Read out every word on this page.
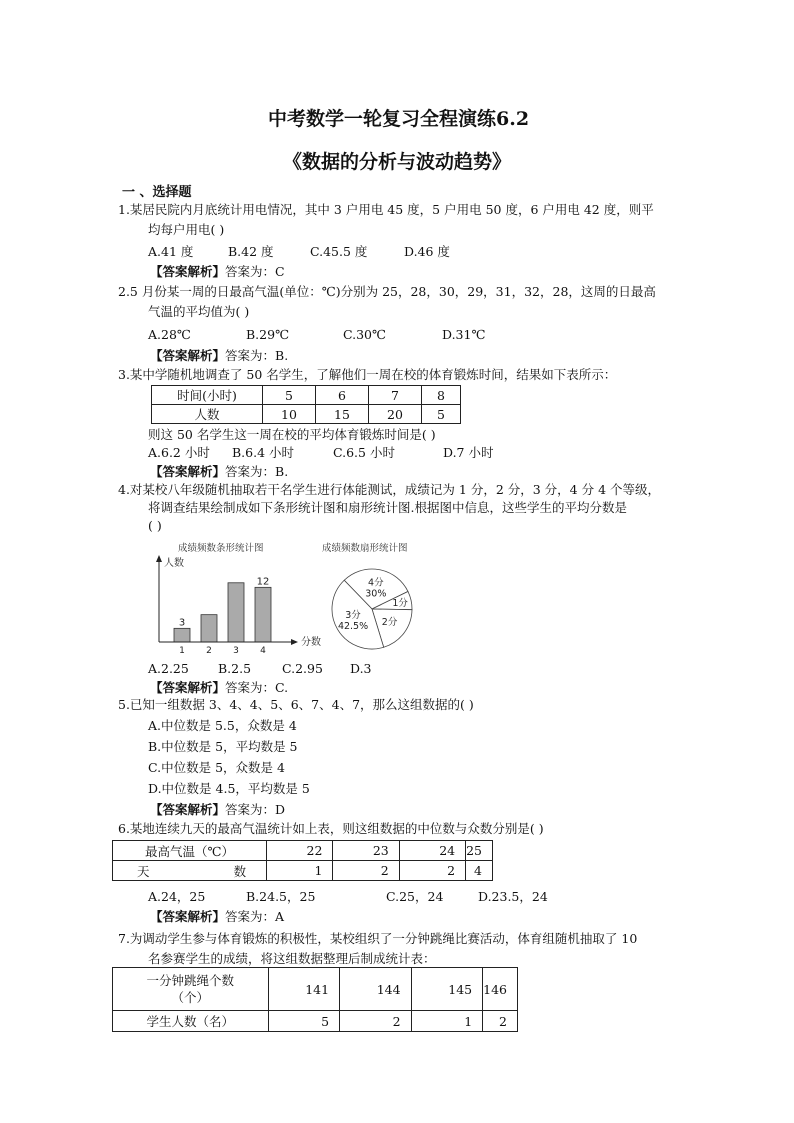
中考数学一轮复习全程演练6.2
《数据的分析与波动趋势》
一 、选择题
1.某居民院内月底统计用电情况，其中 3 户用电 45 度，5 户用电 50 度，6 户用电 42 度，则平
均每户用电( )
A.41 度	B.42 度	C.45.5 度	D.46 度
【答案解析】答案为：C
2.5 月份某一周的日最高气温(单位：℃)分别为 25，28，30，29，31，32，28，这周的日最高
气温的平均值为( )
A.28℃	B.29℃	C.30℃	D.31℃
【答案解析】答案为：B.
3.某中学随机地调查了 50 名学生，了解他们一周在校的体育锻炼时间，结果如下表所示：
时间(小时)	5	6	7	8
人数	10	15	20	5
则这 50 名学生这一周在校的平均体育锻炼时间是( )
A.6.2 小时 B.6.4 小时	C.6.5 小时	D.7 小时
【答案解析】答案为：B.
4.对某校八年级随机抽取若干名学生进行体能测试，成绩记为 1 分，2 分，3 分，4 分 4 个等级，
将调查结果绘制成如下条形统计图和扇形统计图.根据图中信息，这些学生的平均分数是
( )
成绩频数条形统计图
人数
分数
3
1 2 3
12
4
成绩频数扇形统计图
4分
30%
1分
2分
3分
42.5%
A.2.25 B.2.5 C.2.95 D.3
【答案解析】答案为：C.
5.已知一组数据 3、4、4、5、6、7、4、7，那么这组数据的( )
A.中位数是 5.5，众数是 4
B.中位数是 5，平均数是 5
C.中位数是 5，众数是 4
D.中位数是 4.5，平均数是 5
【答案解析】答案为：D
6.某地连续九天的最高气温统计如上表，则这组数据的中位数与众数分别是( )
最高气温（℃）	22	23	24	25
天 数	1	2	2	4
A.24，25	B.24.5，25	C.25，24	D.23.5，24
【答案解析】答案为：A
7.为调动学生参与体育锻炼的积极性，某校组织了一分钟跳绳比赛活动，体育组随机抽取了 10
名参赛学生的成绩，将这组数据整理后制成统计表：
一分钟跳绳个数
（个）	141	144	145	146
学生人数（名）	5	2	1	2
